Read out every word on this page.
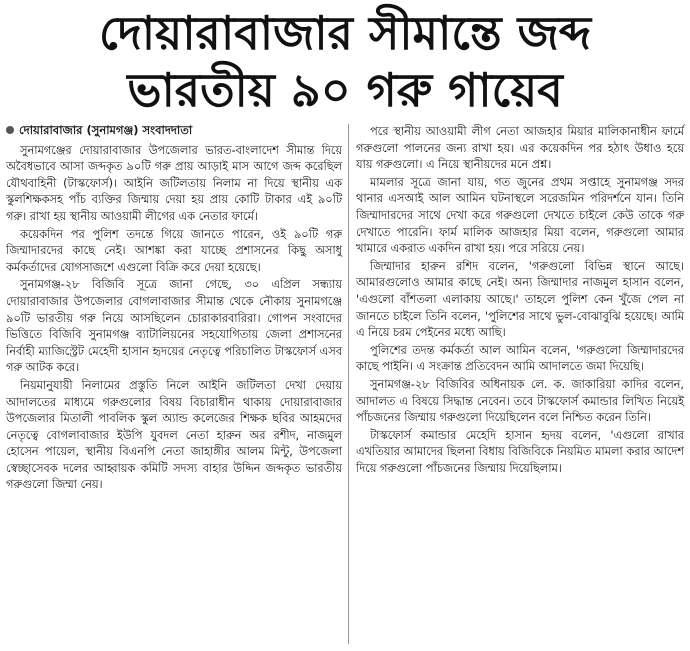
দোয়ারাবাজার সীমান্তে জব্দ
ভারতীয় ৯০ গরু গায়েব
দোয়ারাবাজার (সুনামগঞ্জ) সংবাদদাতা

সুনামগঞ্জের দোয়ারাবাজার উপজেলার ভারত-বাংলাদেশ সীমান্ত দিয়ে অবৈধভাবে আসা জব্দকৃত ৯০টি গরু প্রায় আড়াই মাস আগে জব্দ করেছিল যৌথবাহিনী (টাস্কফোর্স)। আইনি জটিলতায় নিলাম না দিয়ে স্থানীয় এক স্কুলশিক্ষকসহ পাঁচ ব্যক্তির জিম্মায় দেয়া হয় প্রায় কোটি টাকার এই ৯০টি গরু। রাখা হয় স্থানীয় আওয়ামী লীগের এক নেতার ফার্মে।

কয়েকদিন পর পুলিশ তদন্তে গিয়ে জানতে পারেন, ওই ৯০টি গরু জিম্মাদারদের কাছে নেই। আশঙ্কা করা যাচ্ছে প্রশাসনের কিছু অসাধু কর্মকর্তাদের যোগসাজশে এগুলো বিক্রি করে দেয়া হয়েছে।

সুনামগঞ্জ-২৮ বিজিবি সূত্রে জানা গেছে, ৩০ এপ্রিল সন্ধ্যায় দোয়ারাবাজার উপজেলার বোগলাবাজার সীমান্ত থেকে নৌকায় সুনামগঞ্জে ৯০টি ভারতীয় গরু নিয়ে আসছিলেন চোরাকারবারিরা। গোপন সংবাদের ভিত্তিতে বিজিবি সুনামগঞ্জ ব্যাটালিয়নের সহযোগিতায় জেলা প্রশাসনের নির্বাহী ম্যাজিস্ট্রেট মেহেদী হাসান হৃদয়ের নেতৃত্বে পরিচালিত টাস্কফোর্স এসব গরু আটক করে।

নিয়মানুযায়ী নিলামের প্রস্তুতি নিলে আইনি জটিলতা দেখা দেয়ায় আদালতের মাধ্যমে গরুগুলোর বিষয় বিচারাধীন থাকায় দোয়ারাবাজার উপজেলার মিতালী পাবলিক স্কুল অ্যান্ড কলেজের শিক্ষক ছবির আহমদের নেতৃত্বে বোগলাবাজার ইউপি যুবদল নেতা হারুন অর রশীদ, নাজমুল হোসেন পায়েল, স্থানীয় বিএনপি নেতা জাহাঙ্গীর আলম মিন্টু, উপজেলা স্বেচ্ছাসেবক দলের আহ্বায়ক কমিটি সদস্য বাহার উদ্দিন জব্দকৃত ভারতীয় গরুগুলো জিম্মা নেয়।

পরে স্থানীয় আওয়ামী লীগ নেতা আজহার মিয়ার মালিকানাধীন ফার্মে গরুগুলো পালনের জন্য রাখা হয়। এর কয়েকদিন পর হঠাৎ উধাও হয়ে যায় গরুগুলো। এ নিয়ে স্থানীয়দের মনে প্রশ্ন।

মামলার সূত্রে জানা যায়, গত জুনের প্রথম সপ্তাহে সুনামগঞ্জ সদর থানার এসআই আল আমিন ঘটনাস্থলে সরেজমিন পরিদর্শনে যান। তিনি জিম্মাদারদের সাথে দেখা করে গরুগুলো দেখতে চাইলে কেউ তাকে গরু দেখাতে পারেনি। ফার্ম মালিক আজহার মিয়া বলেন, গরুগুলো আমার খামারে একরাত একদিন রাখা হয়। পরে সরিয়ে নেয়।

জিম্মাদার হারুন রশিদ বলেন, 'গরুগুলো বিভিন্ন স্থানে আছে। আমারগুলোও আমার কাছে নেই। অন্য জিম্মাদার নাজমুল হাসান বলেন, 'এগুলো বাঁশতলা এলাকায় আছে।' তাহলে পুলিশ কেন খুঁজে পেল না জানতে চাইলে তিনি বলেন, 'পুলিশের সাথে ভুল-বোঝাবুঝি হয়েছে। আমি এ নিয়ে চরম পেইনের মধ্যে আছি।

পুলিশের তদন্ত কর্মকর্তা আল আমিন বলেন, 'গরুগুলো জিম্মাদারদের কাছে পাইনি। এ সংক্রান্ত প্রতিবেদন আমি আদালতে জমা দিয়েছি।

সুনামগঞ্জ-২৮ বিজিবির অধিনায়ক লে. ক. জাকারিয়া কাদির বলেন, আদালত এ বিষয়ে সিদ্ধান্ত নেবেন। তবে টাস্কফোর্স কমান্ডার লিখিত নিয়েই পাঁচজনের জিম্মায় গরুগুলো দিয়েছিলেন বলে নিশ্চিত করেন তিনি।

টাস্কফোর্স কমান্ডার মেহেদি হাসান হৃদয় বলেন, 'এগুলো রাখার এখতিয়ার আমাদের ছিলনা বিধায় বিজিবিকে নিয়মিত মামলা করার আদেশ দিয়ে গরুগুলো পাঁচজনের জিম্মায় দিয়েছিলাম।
